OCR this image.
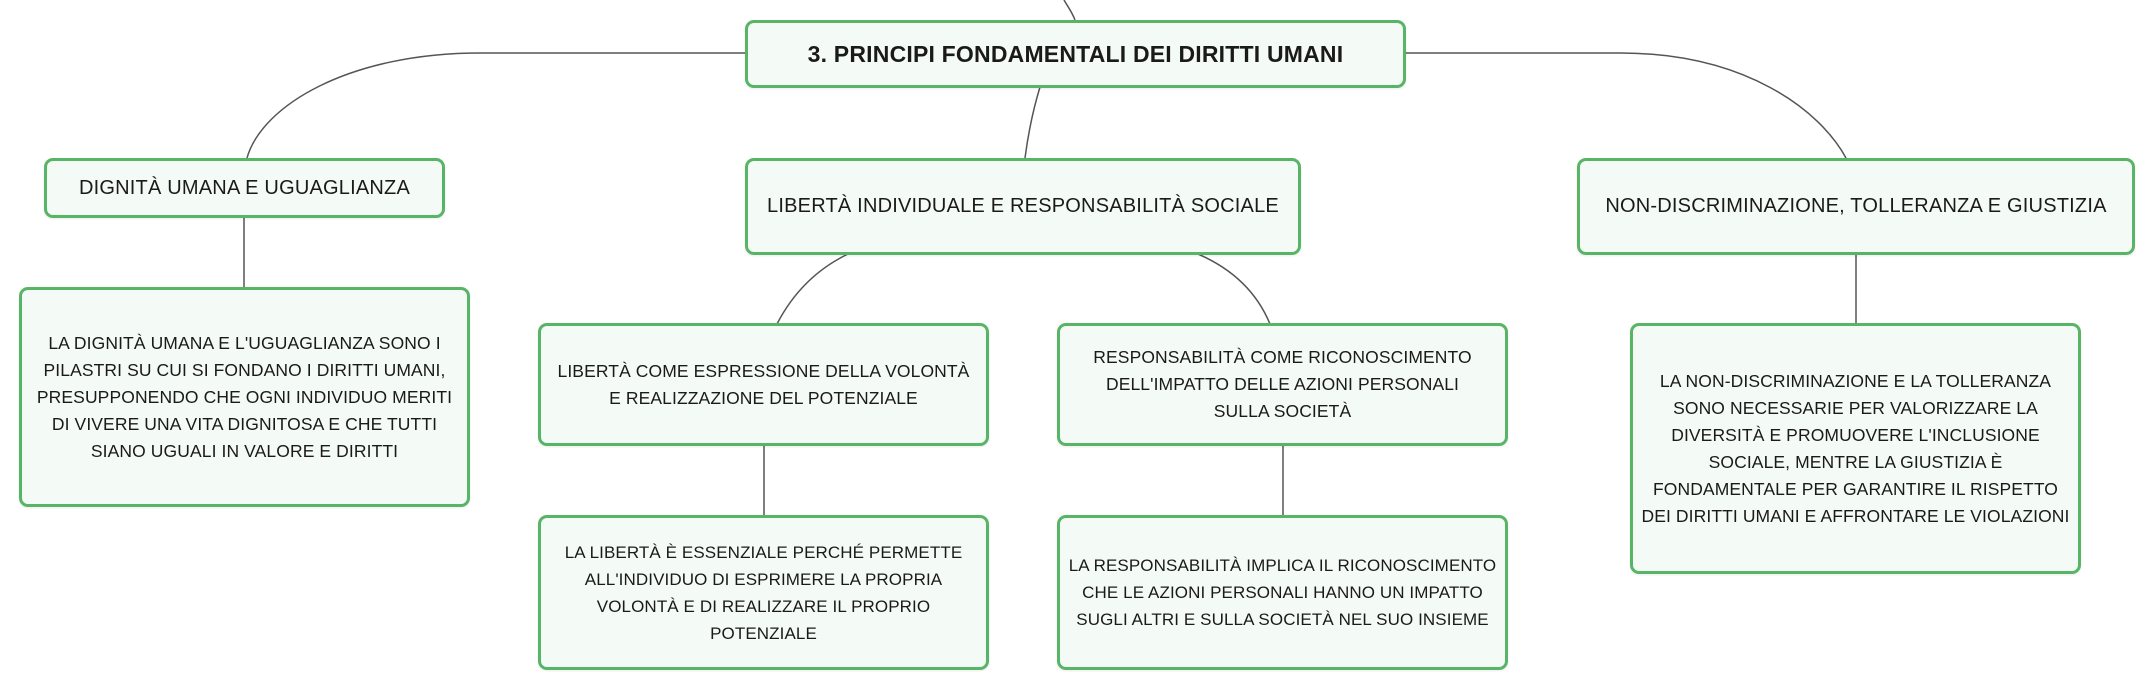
3. PRINCIPI FONDAMENTALI DEI DIRITTI UMANI
DIGNITÀ UMANA E UGUAGLIANZA
LIBERTÀ INDIVIDUALE E RESPONSABILITÀ SOCIALE	NON-DISCRIMINAZIONE, TOLLERANZA E GIUSTIZIA
LA DIGNITÀ UMANA E L'UGUAGLIANZA SONO I PILASTRI SU CUI SI FONDANO I DIRITTI UMANI, PRESUPPONENDO CHE OGNI INDIVIDUO MERITI DI VIVERE UNA VITA DIGNITOSA E CHE TUTTI SIANO UGUALI IN VALORE E DIRITTI
LIBERTÀ COME ESPRESSIONE DELLA VOLONTÀ E REALIZZAZIONE DEL POTENZIALE
RESPONSABILITÀ COME RICONOSCIMENTO DELL'IMPATTO DELLE AZIONI PERSONALI SULLA SOCIETÀ
LA NON-DISCRIMINAZIONE E LA TOLLERANZA SONO NECESSARIE PER VALORIZZARE LA DIVERSITÀ E PROMUOVERE L'INCLUSIONE SOCIALE, MENTRE LA GIUSTIZIA È FONDAMENTALE PER GARANTIRE IL RISPETTO DEI DIRITTI UMANI E AFFRONTARE LE VIOLAZIONI
LA LIBERTÀ È ESSENZIALE PERCHÉ PERMETTE ALL'INDIVIDUO DI ESPRIMERE LA PROPRIA VOLONTÀ E DI REALIZZARE IL PROPRIO POTENZIALE
LA RESPONSABILITÀ IMPLICA IL RICONOSCIMENTO CHE LE AZIONI PERSONALI HANNO UN IMPATTO SUGLI ALTRI E SULLA SOCIETÀ NEL SUO INSIEME
